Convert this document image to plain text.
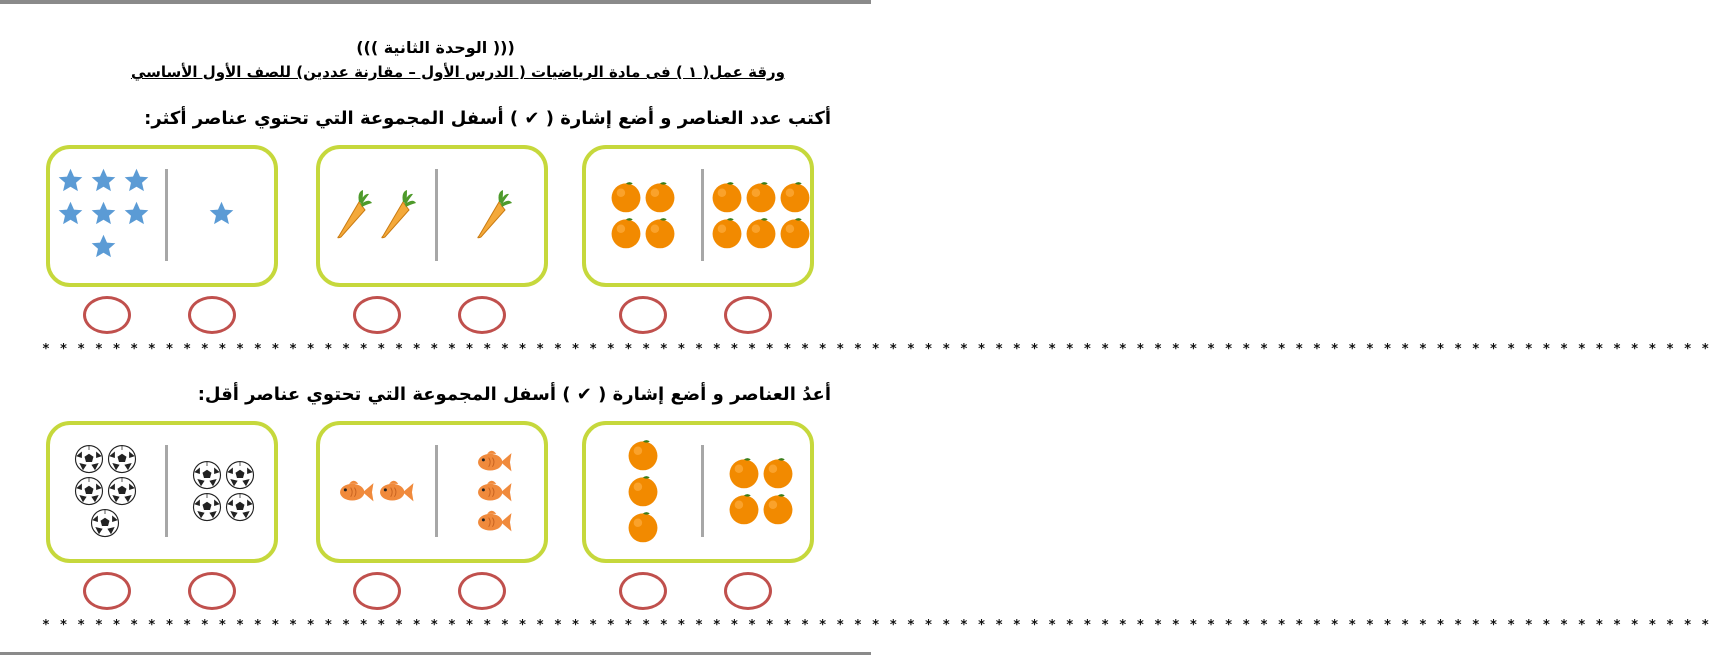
((( الوحدة الثانية )))
ورقة عمل( ١ ) فى مادة الرياضيات ( الدرس الأول – مقارنة عددين) للصف الأول الأساسي
أكتب عدد العناصر و أضع إشارة ( ✔ ) أسفل المجموعة التي تحتوي عناصر أكثر:
* * * * * * * * * * * * * * * * * * * * * * * * * * * * * * * * * * * * * * * * * * * * * * * * * * * * * * * * * * * * * * * * * * * * * * * * * * * * * * * * * * * * * * * * * * * * * * *
أعدُ العناصر و أضع إشارة ( ✔ ) أسفل المجموعة التي تحتوي عناصر أقل:
* * * * * * * * * * * * * * * * * * * * * * * * * * * * * * * * * * * * * * * * * * * * * * * * * * * * * * * * * * * * * * * * * * * * * * * * * * * * * * * * * * * * * * * * * * * * * * *
